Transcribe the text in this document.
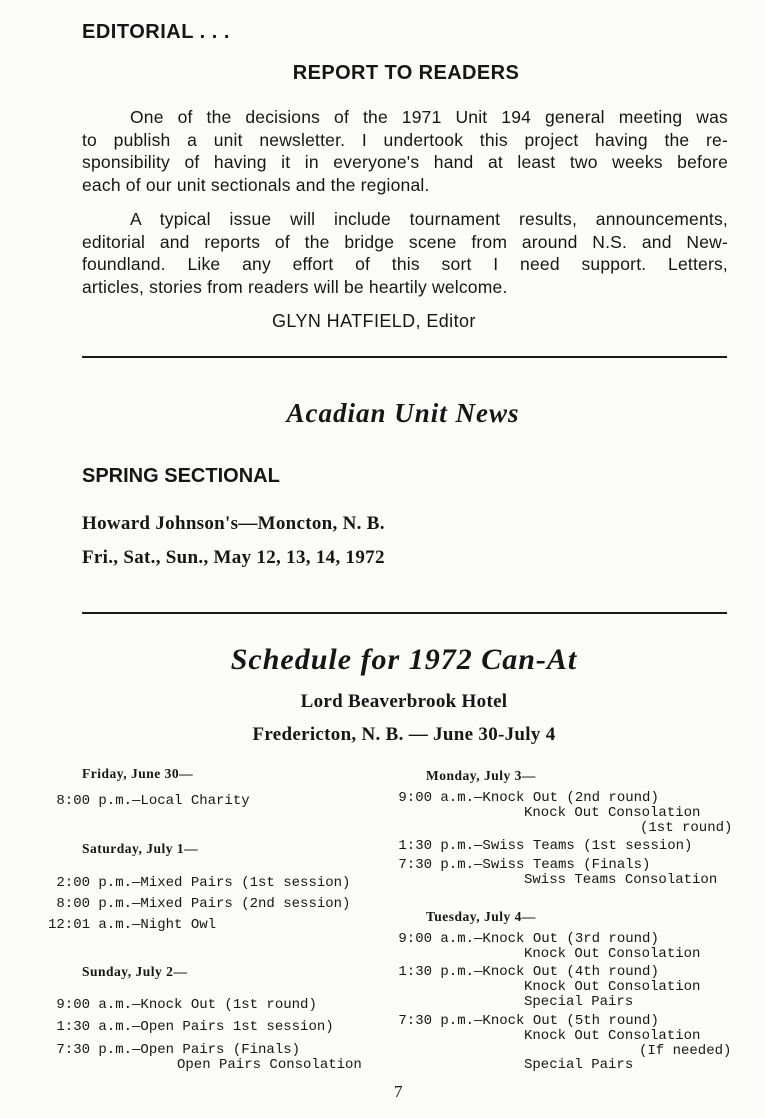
EDITORIAL . . .
REPORT TO READERS
One of the decisions of the 1971 Unit 194 general meeting was
to publish a unit newsletter. I undertook this project having the re-
sponsibility of having it in everyone's hand at least two weeks before
each of our unit sectionals and the regional.
A typical issue will include tournament results, announcements,
editorial and reports of the bridge scene from around N.S. and New-
foundland. Like any effort of this sort I need support. Letters,
articles, stories from readers will be heartily welcome.
GLYN HATFIELD, Editor
Acadian Unit News
SPRING SECTIONAL
Howard Johnson's—Moncton, N. B.
Fri., Sat., Sun., May 12, 13, 14, 1972
Schedule for 1972 Can-At
Lord Beaverbrook Hotel
Fredericton, N. B. — June 30-July 4
Friday, June 30—
8:00 p.m.—Local Charity
Saturday, July 1—
2:00 p.m.—Mixed Pairs (1st session)
8:00 p.m.—Mixed Pairs (2nd session)
12:01 a.m.—Night Owl
Sunday, July 2—
9:00 a.m.—Knock Out (1st round)
1:30 a.m.—Open Pairs 1st session)
7:30 p.m.—Open Pairs (Finals)
Open Pairs Consolation
Monday, July 3—
9:00 a.m.—Knock Out (2nd round)
Knock Out Consolation
(1st round)
1:30 p.m.—Swiss Teams (1st session)
7:30 p.m.—Swiss Teams (Finals)
Swiss Teams Consolation
Tuesday, July 4—
9:00 a.m.—Knock Out (3rd round)
Knock Out Consolation
1:30 p.m.—Knock Out (4th round)
Knock Out Consolation
Special Pairs
7:30 p.m.—Knock Out (5th round)
Knock Out Consolation
(If needed)
Special Pairs
7
